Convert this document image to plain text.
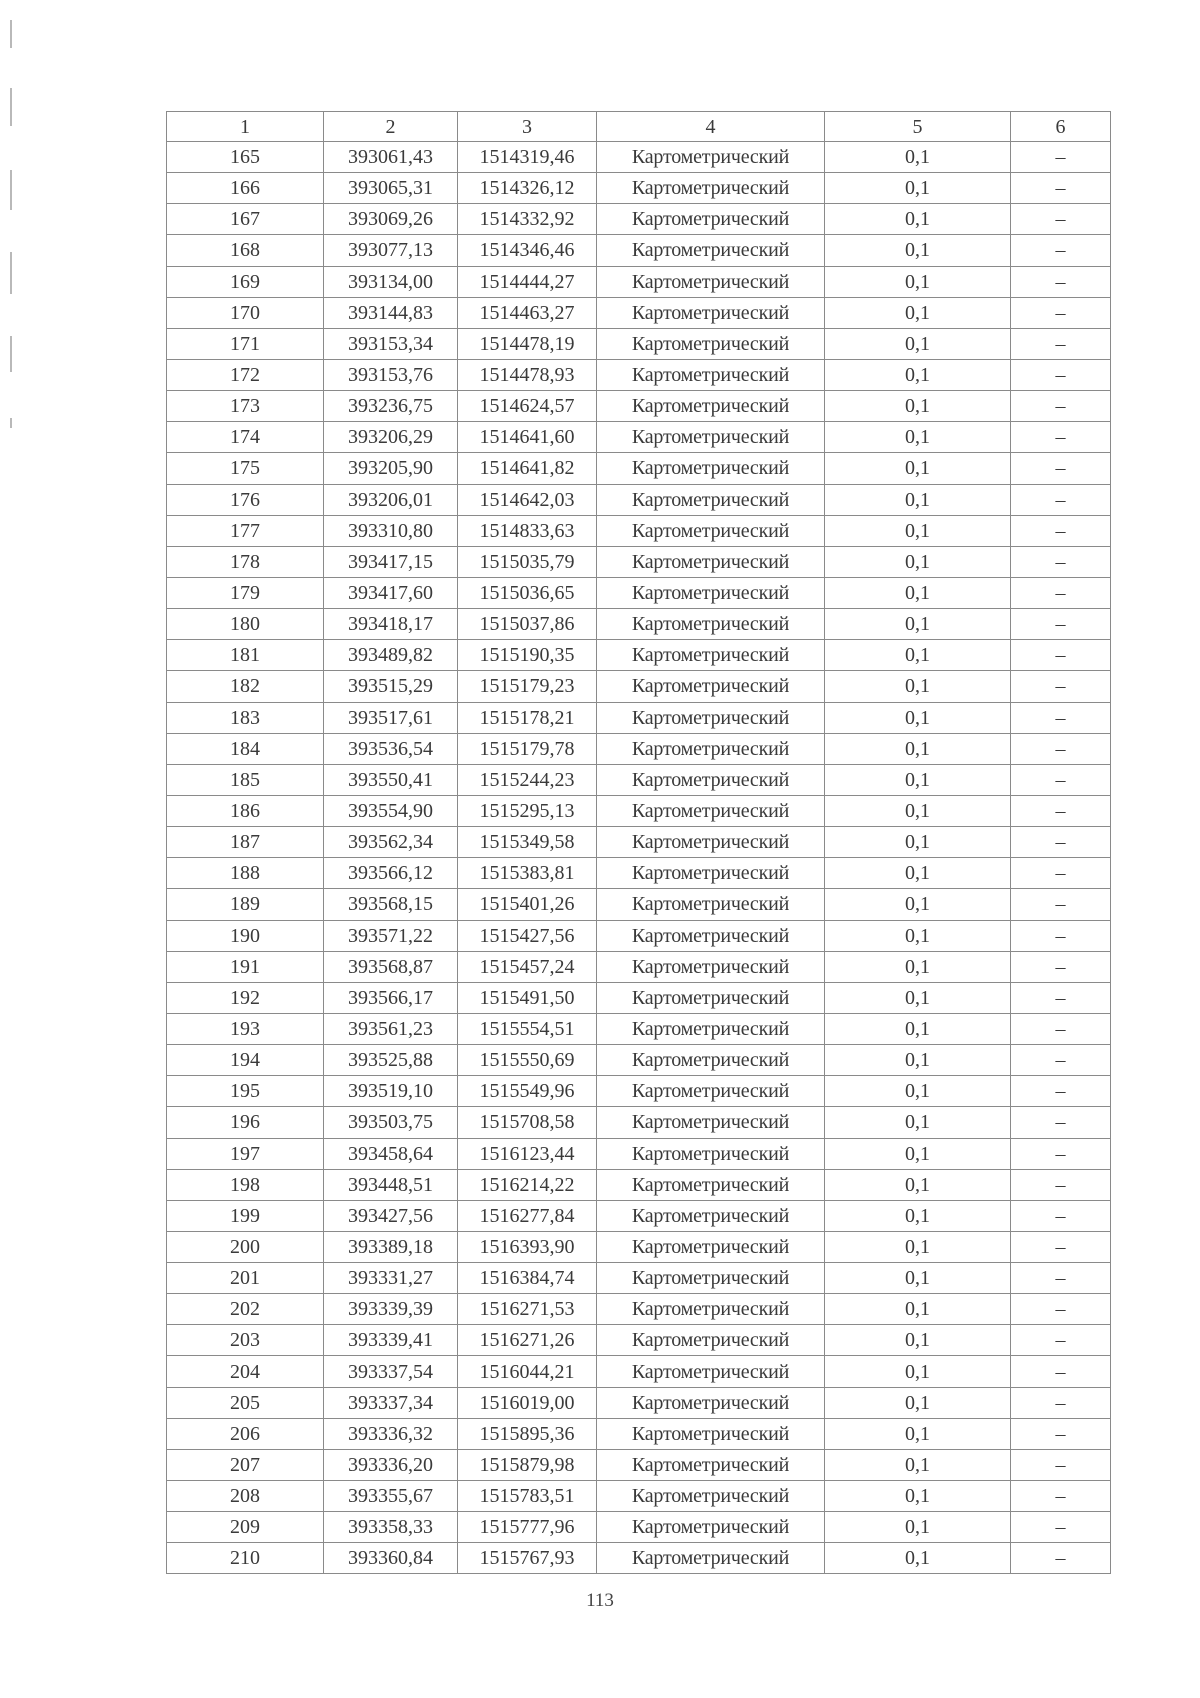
1	2	3	4	5	6
165	393061,43	1514319,46	Картометрический	0,1	–
166	393065,31	1514326,12	Картометрический	0,1	–
167	393069,26	1514332,92	Картометрический	0,1	–
168	393077,13	1514346,46	Картометрический	0,1	–
169	393134,00	1514444,27	Картометрический	0,1	–
170	393144,83	1514463,27	Картометрический	0,1	–
171	393153,34	1514478,19	Картометрический	0,1	–
172	393153,76	1514478,93	Картометрический	0,1	–
173	393236,75	1514624,57	Картометрический	0,1	–
174	393206,29	1514641,60	Картометрический	0,1	–
175	393205,90	1514641,82	Картометрический	0,1	–
176	393206,01	1514642,03	Картометрический	0,1	–
177	393310,80	1514833,63	Картометрический	0,1	–
178	393417,15	1515035,79	Картометрический	0,1	–
179	393417,60	1515036,65	Картометрический	0,1	–
180	393418,17	1515037,86	Картометрический	0,1	–
181	393489,82	1515190,35	Картометрический	0,1	–
182	393515,29	1515179,23	Картометрический	0,1	–
183	393517,61	1515178,21	Картометрический	0,1	–
184	393536,54	1515179,78	Картометрический	0,1	–
185	393550,41	1515244,23	Картометрический	0,1	–
186	393554,90	1515295,13	Картометрический	0,1	–
187	393562,34	1515349,58	Картометрический	0,1	–
188	393566,12	1515383,81	Картометрический	0,1	–
189	393568,15	1515401,26	Картометрический	0,1	–
190	393571,22	1515427,56	Картометрический	0,1	–
191	393568,87	1515457,24	Картометрический	0,1	–
192	393566,17	1515491,50	Картометрический	0,1	–
193	393561,23	1515554,51	Картометрический	0,1	–
194	393525,88	1515550,69	Картометрический	0,1	–
195	393519,10	1515549,96	Картометрический	0,1	–
196	393503,75	1515708,58	Картометрический	0,1	–
197	393458,64	1516123,44	Картометрический	0,1	–
198	393448,51	1516214,22	Картометрический	0,1	–
199	393427,56	1516277,84	Картометрический	0,1	–
200	393389,18	1516393,90	Картометрический	0,1	–
201	393331,27	1516384,74	Картометрический	0,1	–
202	393339,39	1516271,53	Картометрический	0,1	–
203	393339,41	1516271,26	Картометрический	0,1	–
204	393337,54	1516044,21	Картометрический	0,1	–
205	393337,34	1516019,00	Картометрический	0,1	–
206	393336,32	1515895,36	Картометрический	0,1	–
207	393336,20	1515879,98	Картометрический	0,1	–
208	393355,67	1515783,51	Картометрический	0,1	–
209	393358,33	1515777,96	Картометрический	0,1	–
210	393360,84	1515767,93	Картометрический	0,1	–
113
